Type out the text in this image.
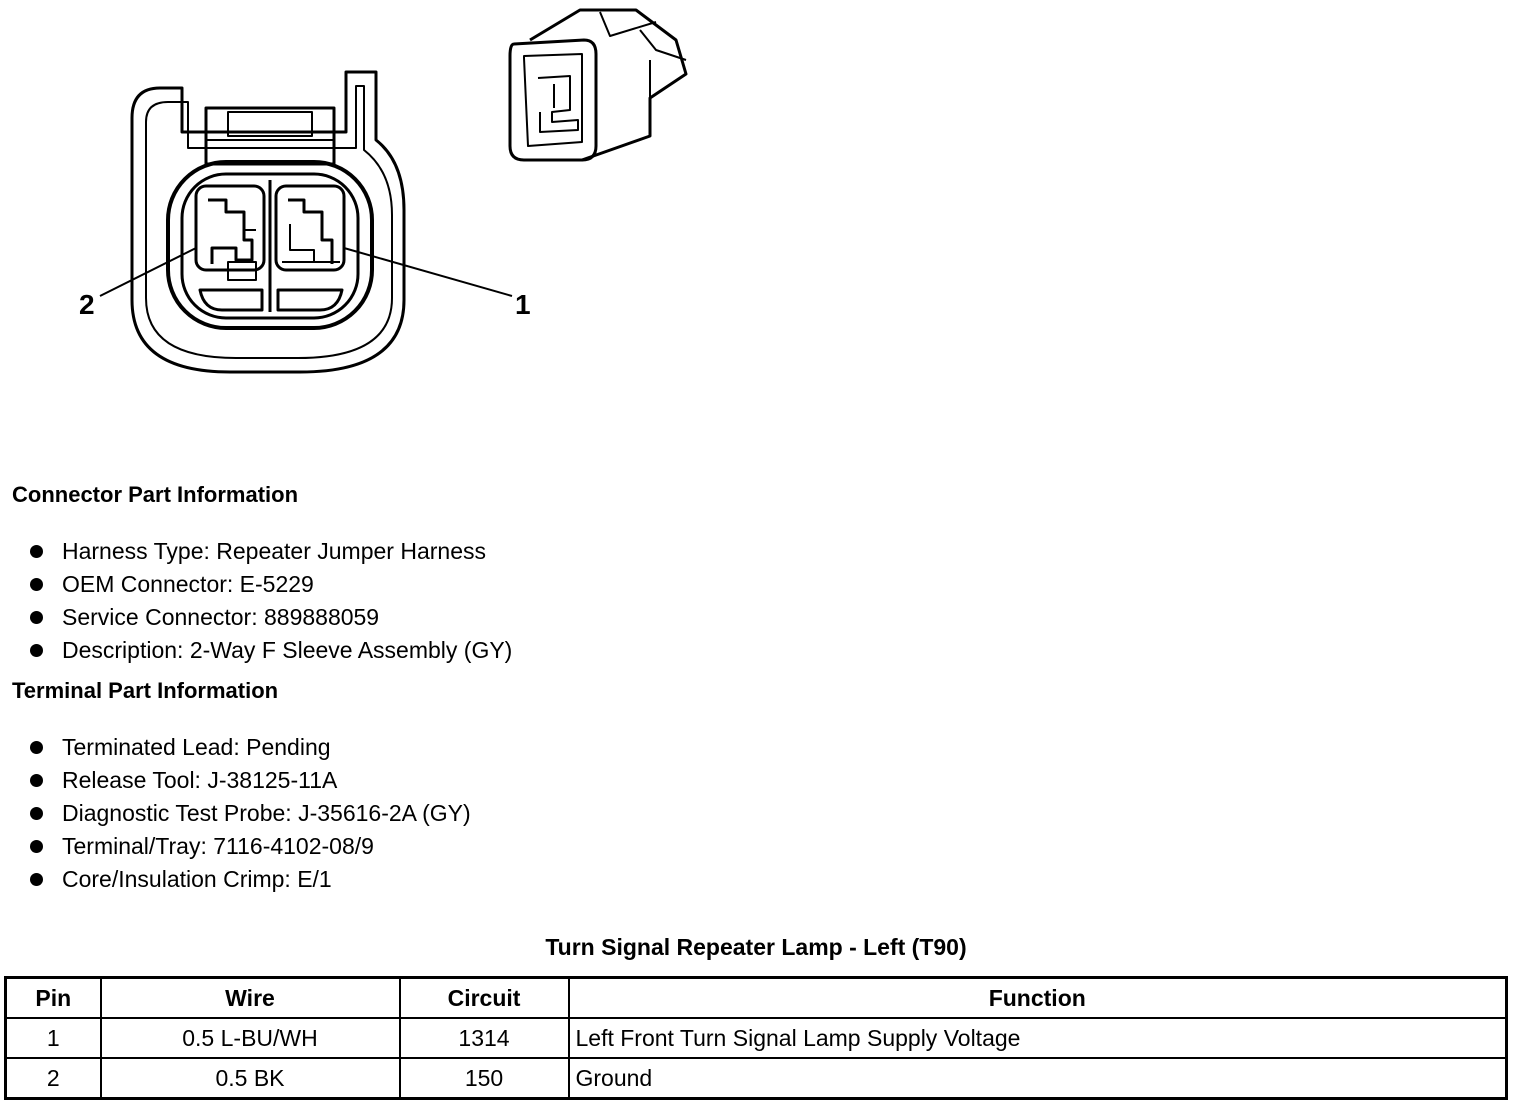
2	1
Connector Part Information
Harness Type: Repeater Jumper Harness
OEM Connector: E-5229
Service Connector: 889888059
Description: 2-Way F Sleeve Assembly (GY)
Terminal Part Information
Terminated Lead: Pending
Release Tool: J-38125-11A
Diagnostic Test Probe: J-35616-2A (GY)
Terminal/Tray: 7116-4102-08/9
Core/Insulation Crimp: E/1
Turn Signal Repeater Lamp - Left (T90)
Pin	Wire	Circuit	Function
1	0.5 L-BU/WH	1314	Left Front Turn Signal Lamp Supply Voltage
2	0.5 BK	150	Ground
